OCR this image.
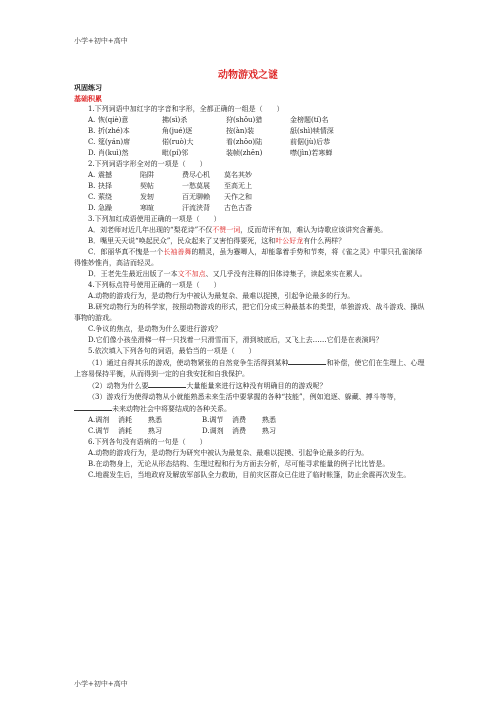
小学+初中+高中
动物游戏之谜
巩固练习
基础积累
1.下列词语中加红字的字音和字形，全都正确的一组是（　　）
A. 恢(qiè)意	拂(sì)杀	狩(shǒu)猎	金榜题(tí)名
B. 折(zhé)本	角(jué)逐	按(àn)装	舐(shì)犊情深
C. 筵(yán)席	偌(ruò)大	看(zhōo)陆	前倨(jù)后恭
D. 肖(kuì)然	毗(pí)邻	装帧(zhēn)	噤(jìn)若寒蝉
2.下列词语字形全对的一项是（　　）
A. 震撼	陷阱	费尽心机	莫名其妙
B. 抉择	契帖	一愁莫展	至高无上
C. 萦绕	发轫	百无聊赖	天作之和
D. 急躁	寒暄	汗流浃背	古色古香
3.下列加红成语使用正确的一项是（　　）
A．刘老师对近几年出现的“梨花诗”不仅不赞一词，反而苛评有加，难认为诗歌应该讲究含蓄美。
B．嘴里天天说“唤起民众”，民众起来了又害怕得要死，这和叶公好龙有什么两样？
C．郎丽华真不愧是一个长袖善舞的精灵，虽为蹇唧人，却能靠着手势和节奏，将《雀之灵》中罪只孔雀演绎得惟妙惟肖，高洁而轻灵。
D．王老先生最近出版了一本文不加点、又几乎没有注释的旧体诗集子，读起来实在累人。
4.下列标点符号使用正确的一项是（　　）
A.动物的游戏行为，是动物行为中被认为最复杂、最难以捉摸，引起争论最多的行为。
B.研究动物行为的科学家，按照动物游戏的形式，把它们分成三种最基本的类型，单独游戏、战斗游戏、操纵事物的游戏。
C.争议的焦点，是动物为什么要进行游戏？
D.它们像小孩坐滑梯一样一只找着一只滑雪而下，滑到坡底后，又飞上去……它们是在表演吗？
5.依次填入下列各句的词语，最恰当的一项是（　　）
（1）通过自得其乐的游戏，使动物紧张的自然竞争生活得到某种	和补偿，使它们在生理上、心理上容易保持平衡，从而得到一定的自我安抚和自我保护。
（2）动物为什么要	大量能量来进行这种没有明确目的的游戏呢？
（3）游戏行为使得动物从小就能熟悉未来生活中要掌握的各种“技能”，例如追逐、躲藏、搏斗等等，未来动物社会中将要结成的各种关系。
A.调剂	消耗	熟悉	B.调节	消费	熟悉
C.调节	消耗	熟习	D.调剂	消费	熟习
6.下列各句没有语病的一句是（　　）
A.动物的游戏行为，是动物行为研究中被认为最复杂、最难以捉摸、引起争论最多的行为。
B.在动物身上，无论从形态结构、生理过程和行为方面去分析，尽可能寻求能量的例子比比皆是。
C.地震发生后，当地政府及解放军部队全力救助，目前灾区群众已住进了临时帐篷，防止余震再次发生。
小学+初中+高中
